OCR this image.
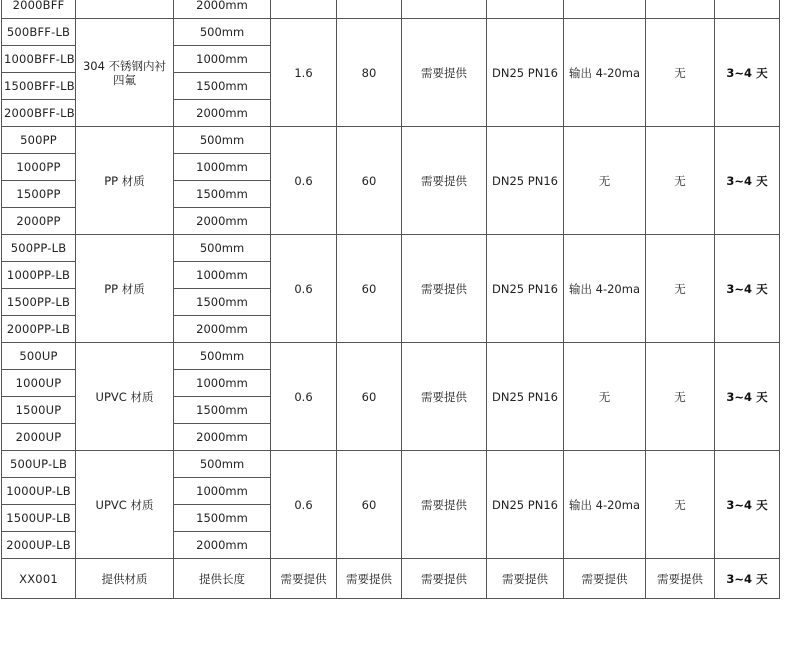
2000BFF		2000mm							
500BFF-LB	304 不锈钢内衬四氟	500mm	1.6	80	需要提供	DN25 PN16	输出 4-20ma	无	3~4 天
1000BFF-LB		1000mm							
1500BFF-LB		1500mm							
2000BFF-LB		2000mm							
500PP	PP 材质	500mm	0.6	60	需要提供	DN25 PN16	无	无	3~4 天
1000PP		1000mm							
1500PP		1500mm							
2000PP		2000mm							
500PP-LB	PP 材质	500mm	0.6	60	需要提供	DN25 PN16	输出 4-20ma	无	3~4 天
1000PP-LB		1000mm							
1500PP-LB		1500mm							
2000PP-LB		2000mm							
500UP	UPVC 材质	500mm	0.6	60	需要提供	DN25 PN16	无	无	3~4 天
1000UP		1000mm							
1500UP		1500mm							
2000UP		2000mm							
500UP-LB	UPVC 材质	500mm	0.6	60	需要提供	DN25 PN16	输出 4-20ma	无	3~4 天
1000UP-LB		1000mm							
1500UP-LB		1500mm							
2000UP-LB		2000mm							
XX001	提供材质	提供长度	需要提供	需要提供	需要提供	需要提供	需要提供	需要提供	3~4 天
